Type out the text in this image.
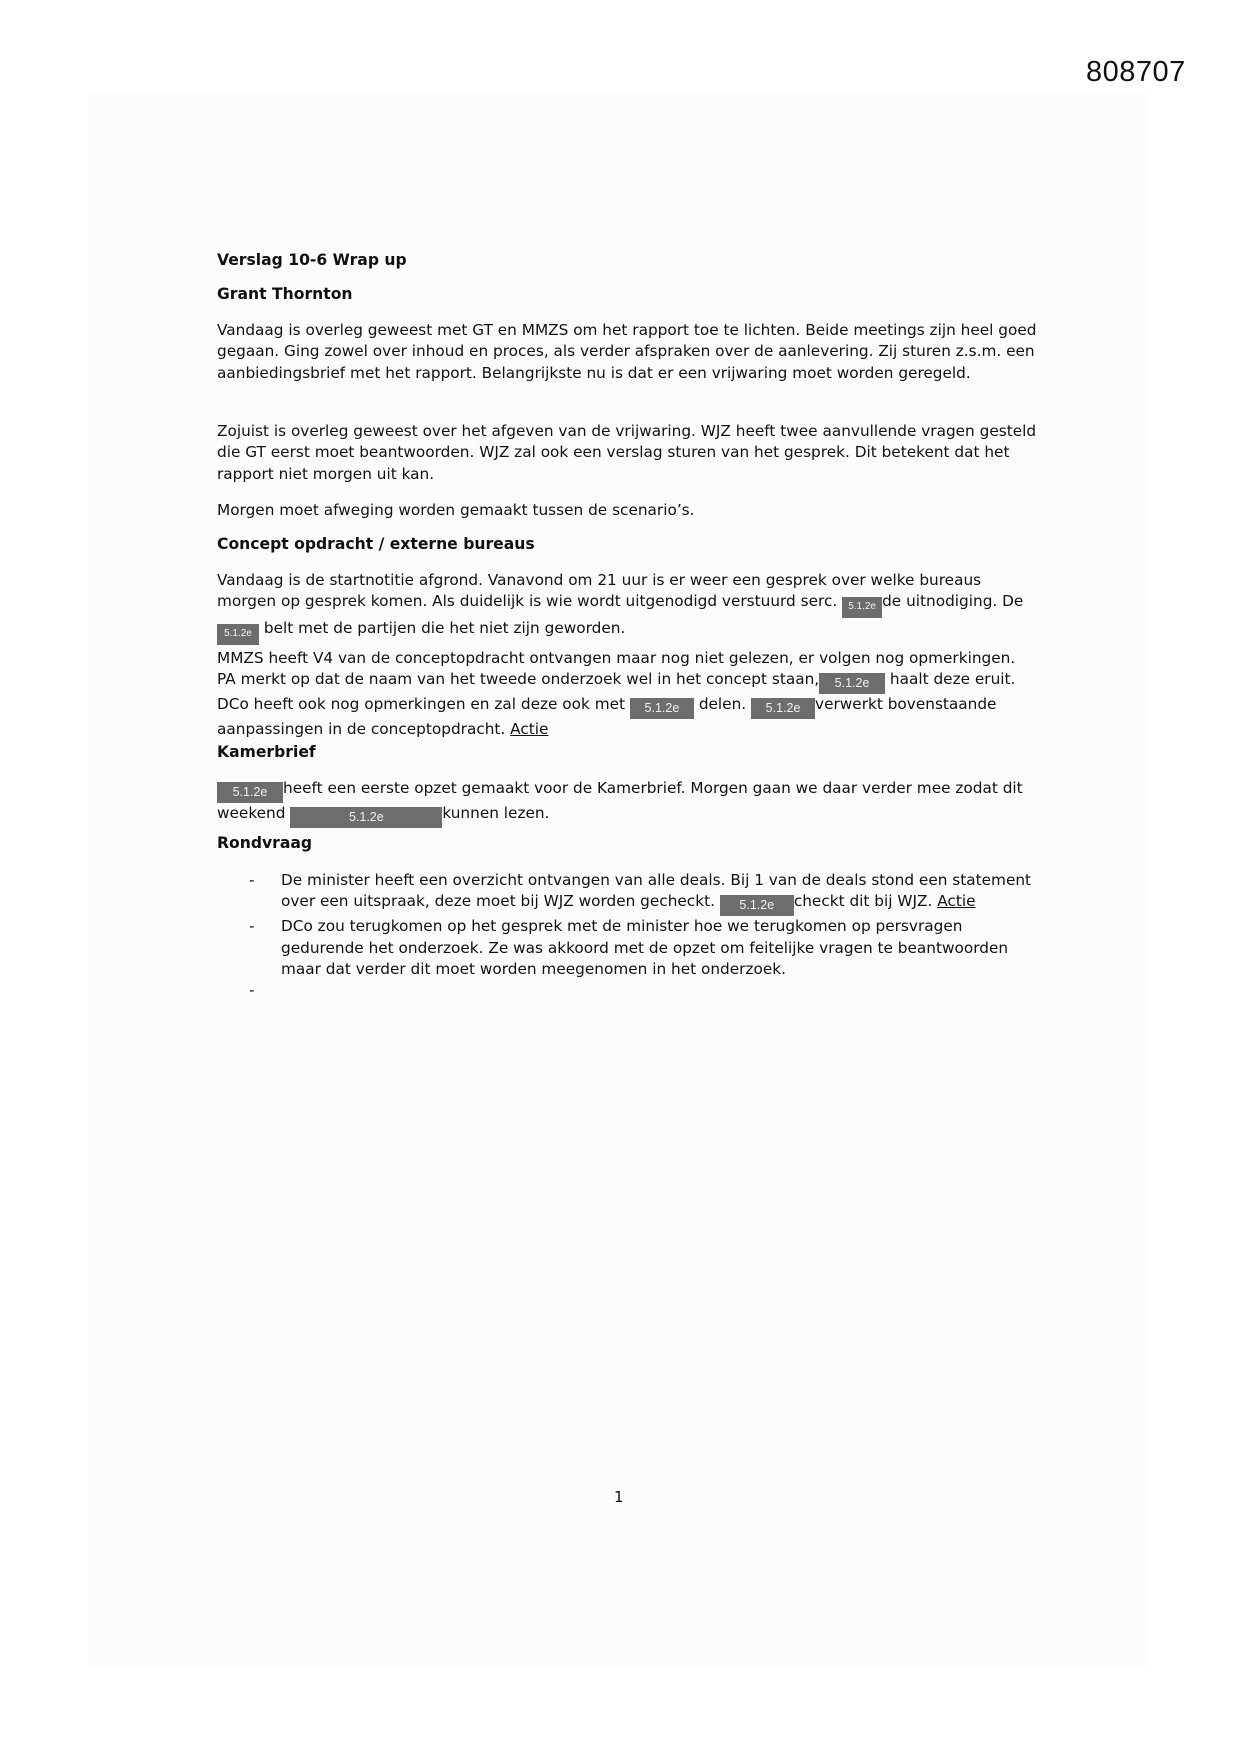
808707
Verslag 10-6 Wrap up
Grant Thornton

Vandaag is overleg geweest met GT en MMZS om het rapport toe te lichten. Beide meetings zijn heel goed gegaan. Ging zowel over inhoud en proces, als verder afspraken over de aanlevering. Zij sturen z.s.m. een aanbiedingsbrief met het rapport. Belangrijkste nu is dat er een vrijwaring moet worden geregeld.

Zojuist is overleg geweest over het afgeven van de vrijwaring. WJZ heeft twee aanvullende vragen gesteld die GT eerst moet beantwoorden. WJZ zal ook een verslag sturen van het gesprek. Dit betekent dat het rapport niet morgen uit kan.

Morgen moet afweging worden gemaakt tussen de scenario’s.

Concept opdracht / externe bureaus

Vandaag is de startnotitie afgrond. Vanavond om 21 uur is er weer een gesprek over welke bureaus morgen op gesprek komen. Als duidelijk is wie wordt uitgenodigd verstuurd serc. 5.1.2e de uitnodiging. De5.1.2e belt met de partijen die het niet zijn geworden.

MMZS heeft V4 van de conceptopdracht ontvangen maar nog niet gelezen, er volgen nog opmerkingen. PA merkt op dat de naam van het tweede onderzoek wel in het concept staan, 5.1.2e haalt deze eruit. DCo heeft ook nog opmerkingen en zal deze ook met 5.1.2e delen. 5.1.2e verwerkt bovenstaande aanpassingen in de conceptopdracht. Actie

Kamerbrief

5.1.2e heeft een eerste opzet gemaakt voor de Kamerbrief. Morgen gaan we daar verder mee zodat dit weekend	5.1.2e	kunnen lezen.

Rondvraag
- De minister heeft een overzicht ontvangen van alle deals. Bij 1 van de deals stond een statement over een uitspraak, deze moet bij WJZ worden gecheckt. 5.1.2e checkt dit bij WJZ. Actie
- DCo zou terugkomen op het gesprek met de minister hoe we terugkomen op persvragen gedurende het onderzoek. Ze was akkoord met de opzet om feitelijke vragen te beantwoorden maar dat verder dit moet worden meegenomen in het onderzoek.
-
1
